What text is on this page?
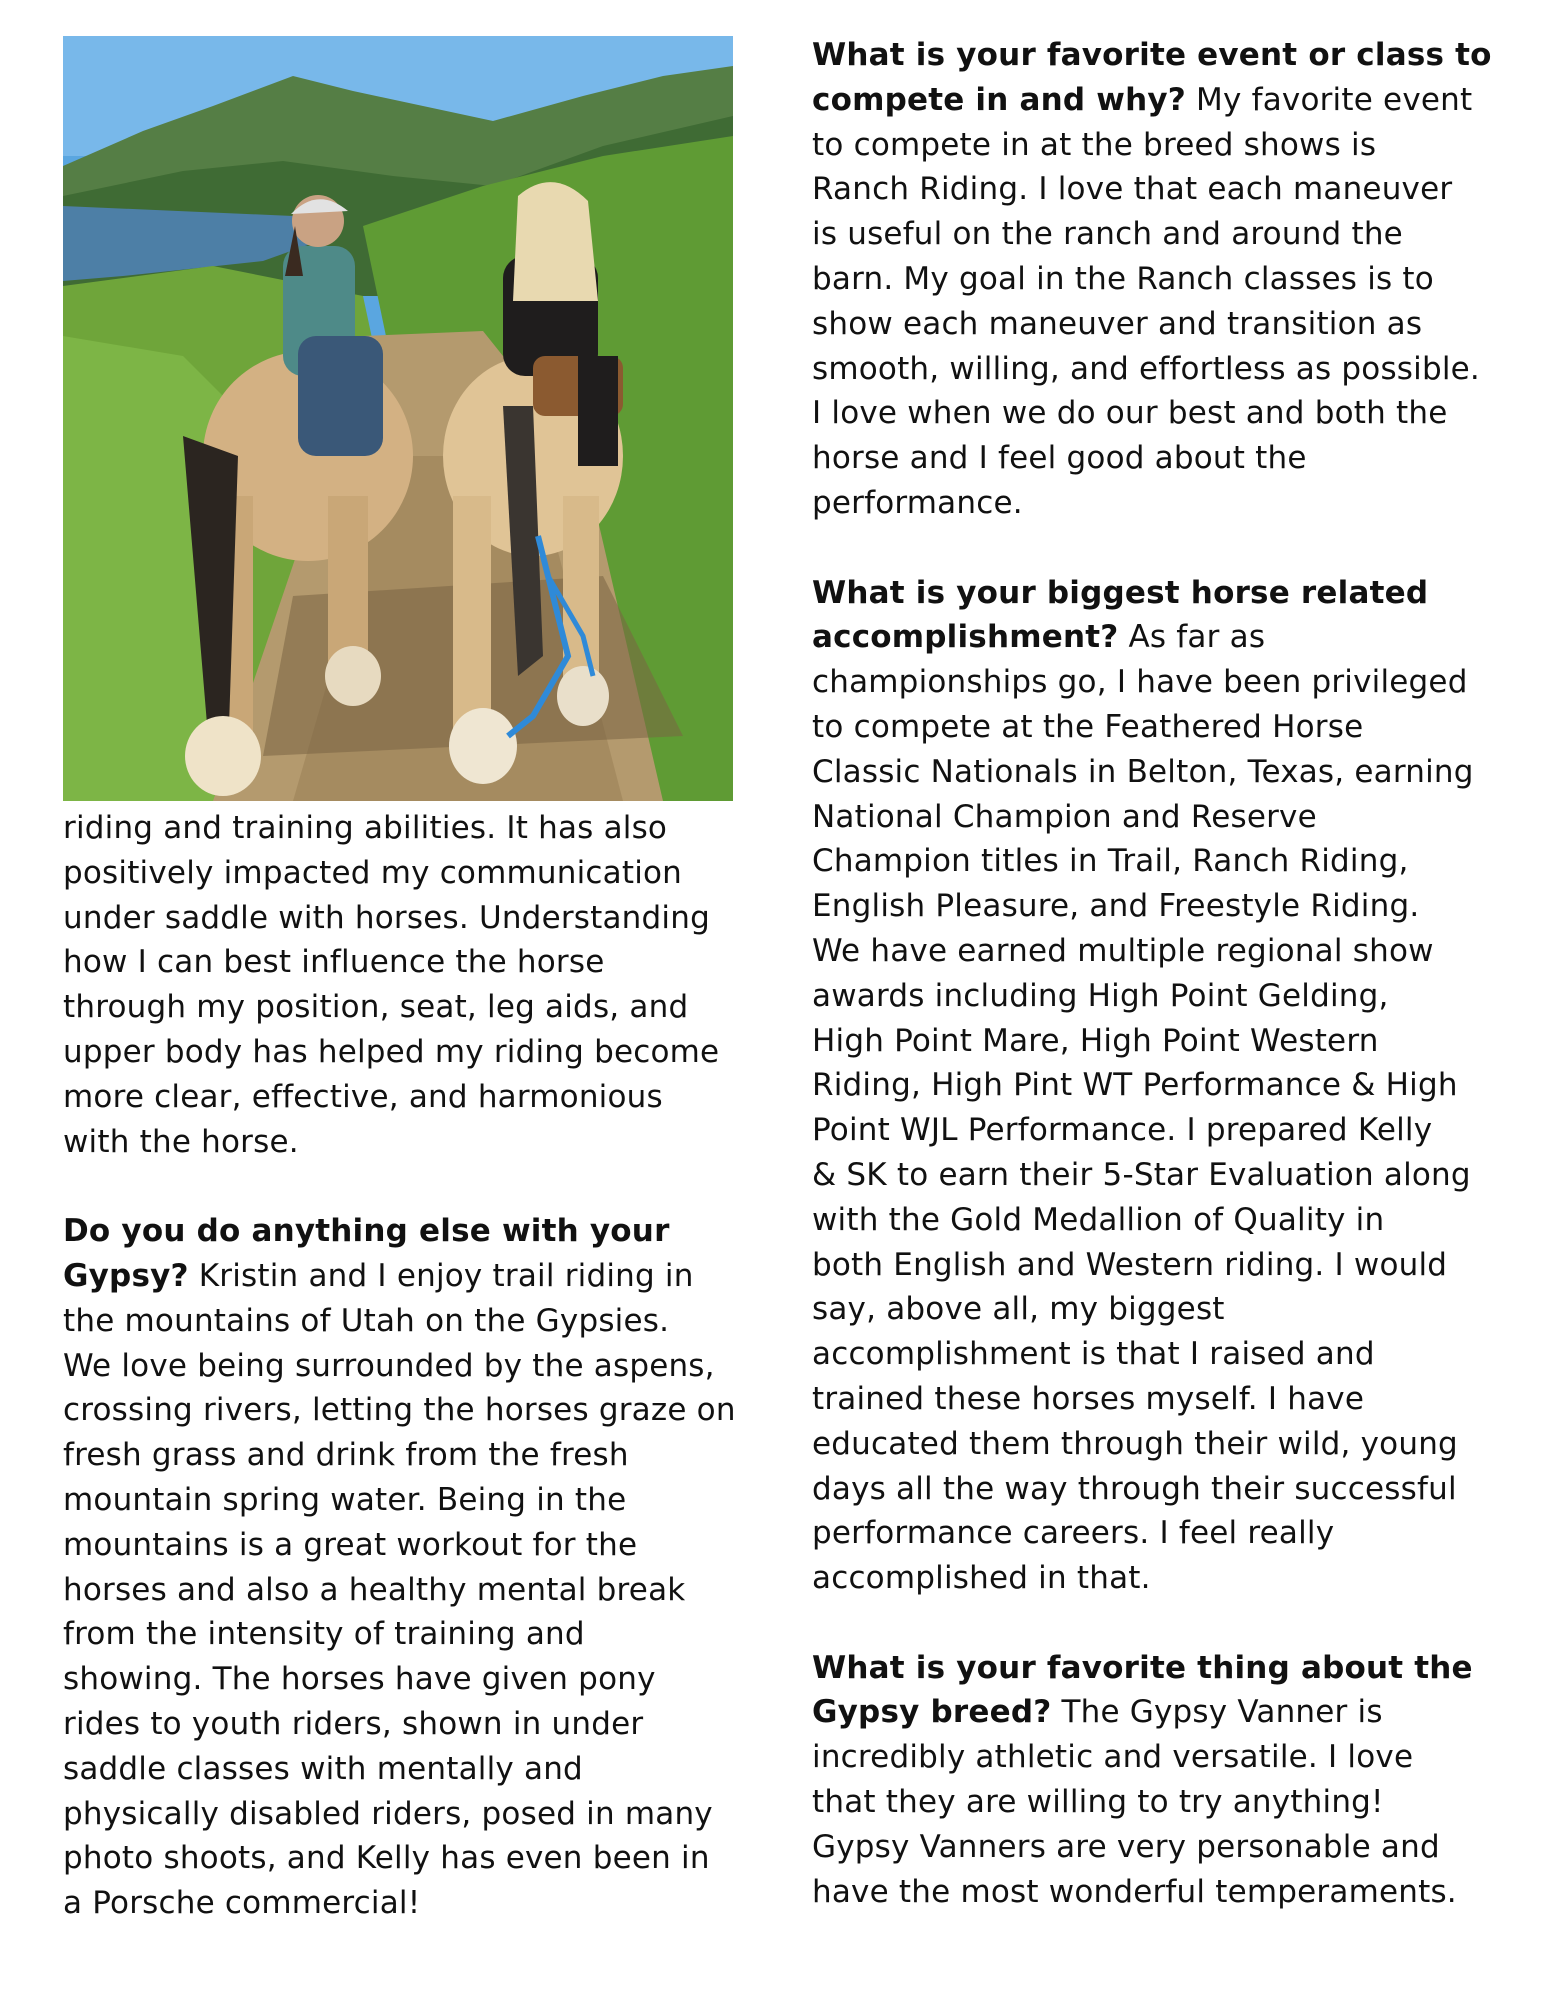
riding and training abilities. It has also
positively impacted my communication
under saddle with horses. Understanding
how I can best influence the horse
through my position, seat, leg aids, and
upper body has helped my riding become
more clear, effective, and harmonious
with the horse.

Do you do anything else with your
Gypsy? Kristin and I enjoy trail riding in
the mountains of Utah on the Gypsies.
We love being surrounded by the aspens,
crossing rivers, letting the horses graze on
fresh grass and drink from the fresh
mountain spring water. Being in the
mountains is a great workout for the
horses and also a healthy mental break
from the intensity of training and
showing. The horses have given pony
rides to youth riders, shown in under
saddle classes with mentally and
physically disabled riders, posed in many
photo shoots, and Kelly has even been in
a Porsche commercial!

What is your favorite event or class to
compete in and why? My favorite event
to compete in at the breed shows is
Ranch Riding. I love that each maneuver
is useful on the ranch and around the
barn. My goal in the Ranch classes is to
show each maneuver and transition as
smooth, willing, and effortless as possible.
I love when we do our best and both the
horse and I feel good about the
performance.

What is your biggest horse related
accomplishment? As far as
championships go, I have been privileged
to compete at the Feathered Horse
Classic Nationals in Belton, Texas, earning
National Champion and Reserve
Champion titles in Trail, Ranch Riding,
English Pleasure, and Freestyle Riding.
We have earned multiple regional show
awards including High Point Gelding,
High Point Mare, High Point Western
Riding, High Pint WT Performance & High
Point WJL Performance. I prepared Kelly
& SK to earn their 5-Star Evaluation along
with the Gold Medallion of Quality in
both English and Western riding. I would
say, above all, my biggest
accomplishment is that I raised and
trained these horses myself. I have
educated them through their wild, young
days all the way through their successful
performance careers. I feel really
accomplished in that.

What is your favorite thing about the
Gypsy breed? The Gypsy Vanner is
incredibly athletic and versatile. I love
that they are willing to try anything!
Gypsy Vanners are very personable and
have the most wonderful temperaments.
